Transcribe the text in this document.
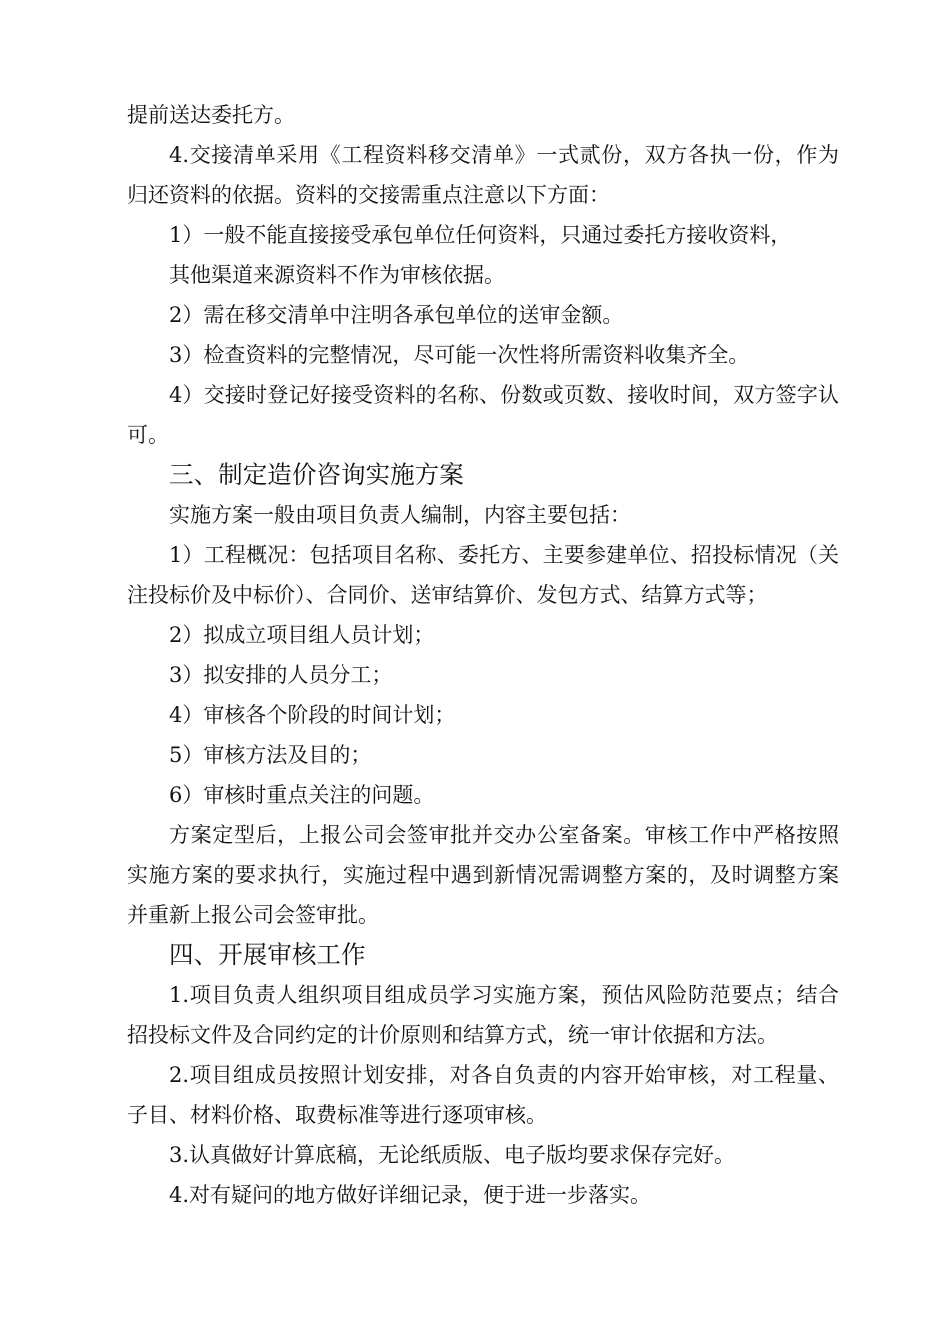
提前送达委托方。

4.交接清单采用《工程资料移交清单》一式贰份，双方各执一份，作为归还资料的依据。资料的交接需重点注意以下方面：

1）一般不能直接接受承包单位任何资料，只通过委托方接收资料，

其他渠道来源资料不作为审核依据。

2）需在移交清单中注明各承包单位的送审金额。

3）检查资料的完整情况，尽可能一次性将所需资料收集齐全。

4）交接时登记好接受资料的名称、份数或页数、接收时间，双方签字认可。

三、制定造价咨询实施方案

实施方案一般由项目负责人编制，内容主要包括：

1）工程概况：包括项目名称、委托方、主要参建单位、招投标情况（关注投标价及中标价）、合同价、送审结算价、发包方式、结算方式等；

2）拟成立项目组人员计划；

3）拟安排的人员分工；

4）审核各个阶段的时间计划；

5）审核方法及目的；

6）审核时重点关注的问题。

方案定型后，上报公司会签审批并交办公室备案。审核工作中严格按照实施方案的要求执行，实施过程中遇到新情况需调整方案的，及时调整方案并重新上报公司会签审批。

四、开展审核工作

1.项目负责人组织项目组成员学习实施方案，预估风险防范要点；结合招投标文件及合同约定的计价原则和结算方式，统一审计依据和方法。

2.项目组成员按照计划安排，对各自负责的内容开始审核，对工程量、子目、材料价格、取费标准等进行逐项审核。

3.认真做好计算底稿，无论纸质版、电子版均要求保存完好。

4.对有疑问的地方做好详细记录，便于进一步落实。
